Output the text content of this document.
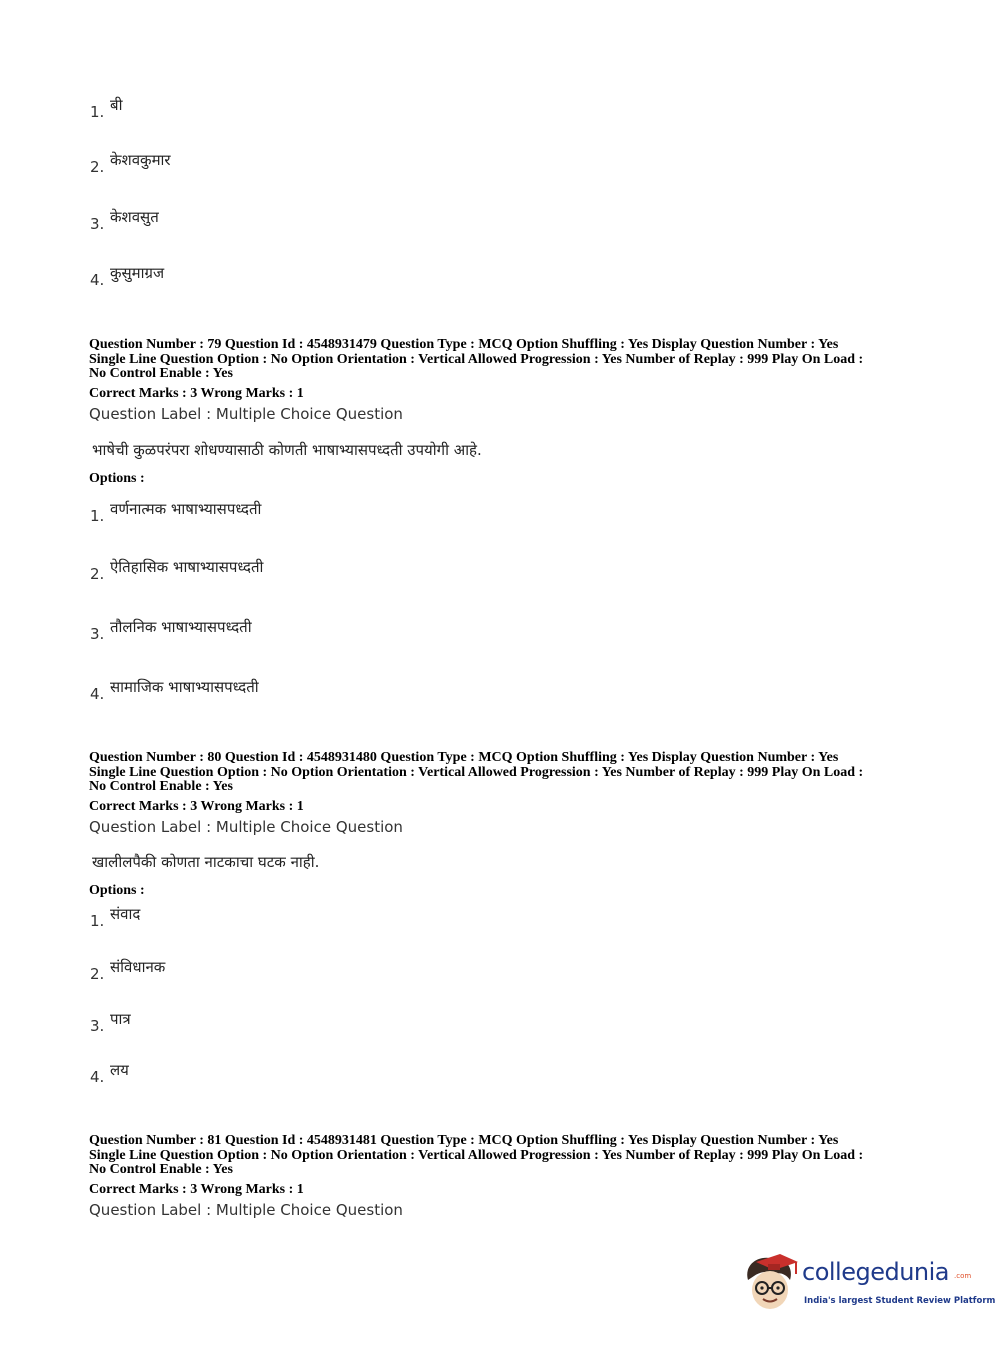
1. बी
2. केशवकुमार
3. केशवसुत
4. कुसुमाग्रज
Question Number : 79 Question Id : 4548931479 Question Type : MCQ Option Shuffling : Yes Display Question Number : Yes
Single Line Question Option : No Option Orientation : Vertical Allowed Progression : Yes Number of Replay : 999 Play On Load :
No Control Enable : Yes
Correct Marks : 3 Wrong Marks : 1
Question Label : Multiple Choice Question
भाषेची कुळपरंपरा शोधण्यासाठी कोणती भाषाभ्यासपध्दती उपयोगी आहे.
Options :
1. वर्णनात्मक भाषाभ्यासपध्दती
2. ऐतिहासिक भाषाभ्यासपध्दती
3. तौलनिक भाषाभ्यासपध्दती
4. सामाजिक भाषाभ्यासपध्दती
Question Number : 80 Question Id : 4548931480 Question Type : MCQ Option Shuffling : Yes Display Question Number : Yes
Single Line Question Option : No Option Orientation : Vertical Allowed Progression : Yes Number of Replay : 999 Play On Load :
No Control Enable : Yes
Correct Marks : 3 Wrong Marks : 1
Question Label : Multiple Choice Question
खालीलपैकी कोणता नाटकाचा घटक नाही.
Options :
1. संवाद
2. संविधानक
3. पात्र
4. लय
Question Number : 81 Question Id : 4548931481 Question Type : MCQ Option Shuffling : Yes Display Question Number : Yes
Single Line Question Option : No Option Orientation : Vertical Allowed Progression : Yes Number of Replay : 999 Play On Load :
No Control Enable : Yes
Correct Marks : 3 Wrong Marks : 1
Question Label : Multiple Choice Question
collegedunia .com
India's largest Student Review Platform
